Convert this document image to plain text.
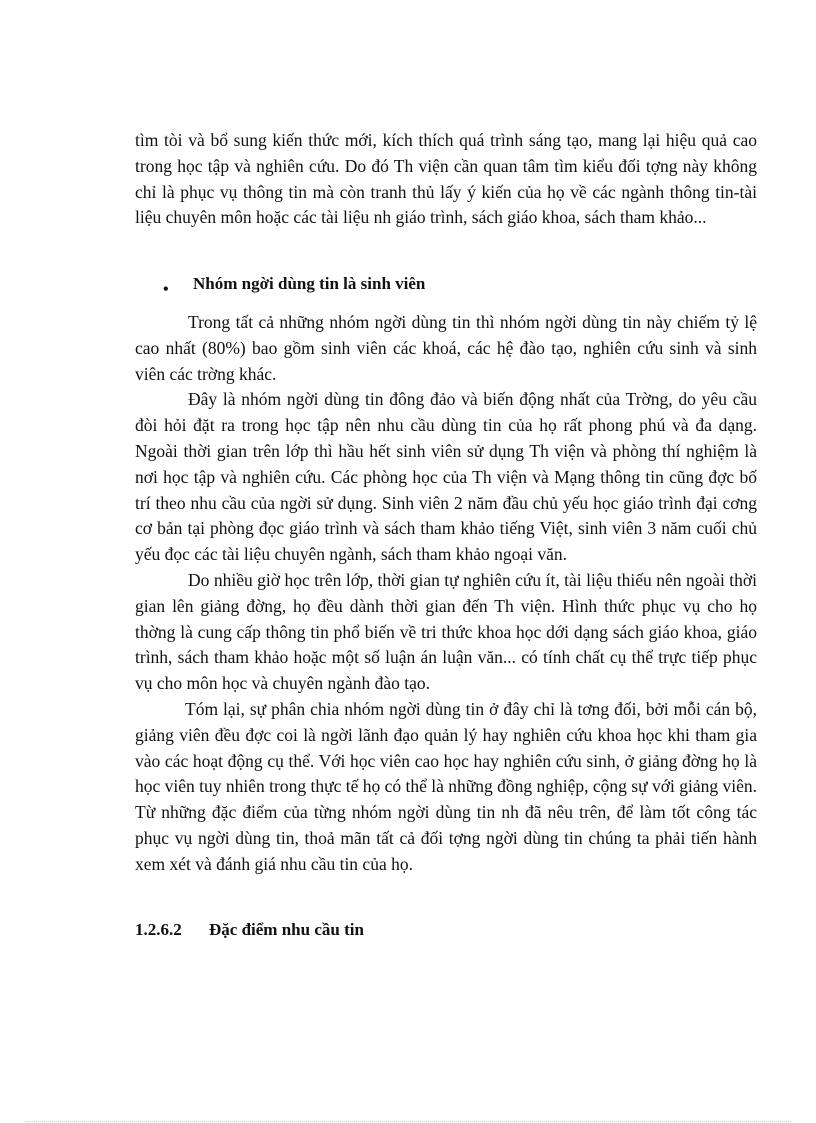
tìm tòi và bổ sung kiến thức mới, kích thích quá trình sáng tạo, mang lại hiệu quả cao trong học tập và nghiên cứu. Do đó Th viện cần quan tâm tìm kiểu đối tợng này không chỉ là phục vụ thông tin mà còn tranh thủ lấy ý kiến của họ về các ngành thông tin-tài liệu chuyên môn hoặc các tài liệu nh giáo trình, sách giáo khoa, sách tham khảo...

• Nhóm ngời dùng tin là sinh viên

Trong tất cả những nhóm ngời dùng tin thì nhóm ngời dùng tin này chiếm tỷ lệ cao nhất (80%) bao gồm sinh viên các khoá, các hệ đào tạo, nghiên cứu sinh và sinh viên các trờng khác.

Đây là nhóm ngời dùng tin đông đảo và biến động nhất của Trờng, do yêu cầu đòi hỏi đặt ra trong học tập nên nhu cầu dùng tin của họ rất phong phú và đa dạng. Ngoài thời gian trên lớp thì hầu hết sinh viên sử dụng Th viện và phòng thí nghiệm là nơi học tập và nghiên cứu. Các phòng học của Th viện và Mạng thông tin cũng đợc bố trí theo nhu cầu của ngời sử dụng. Sinh viên 2 năm đầu chủ yếu học giáo trình đại cơng cơ bản tại phòng đọc giáo trình và sách tham khảo tiếng Việt, sinh viên 3 năm cuối chủ yếu đọc các tài liệu chuyên ngành, sách tham khảo ngoại văn.

Do nhiều giờ học trên lớp, thời gian tự nghiên cứu ít, tài liệu thiếu nên ngoài thời gian lên giảng đờng, họ đều dành thời gian đến Th viện. Hình thức phục vụ cho họ thờng là cung cấp thông tin phổ biến về tri thức khoa học dới dạng sách giáo khoa, giáo trình, sách tham khảo hoặc một số luận án luận văn... có tính chất cụ thể trực tiếp phục vụ cho môn học và chuyên ngành đào tạo.

Tóm lại, sự phân chia nhóm ngời dùng tin ở đây chỉ là tơng đối, bởi mỗi cán bộ, giảng viên đều đợc coi là ngời lãnh đạo quản lý hay nghiên cứu khoa học khi tham gia vào các hoạt động cụ thể. Với học viên cao học hay nghiên cứu sinh, ở giảng đờng họ là học viên tuy nhiên trong thực tế họ có thể là những đồng nghiệp, cộng sự với giảng viên. Từ những đặc điểm của từng nhóm ngời dùng tin nh đã nêu trên, để làm tốt công tác phục vụ ngời dùng tin, thoả mãn tất cả đối tợng ngời dùng tin chúng ta phải tiến hành xem xét và đánh giá nhu cầu tin của họ.

1.2.6.2 Đặc điểm nhu cầu tin
